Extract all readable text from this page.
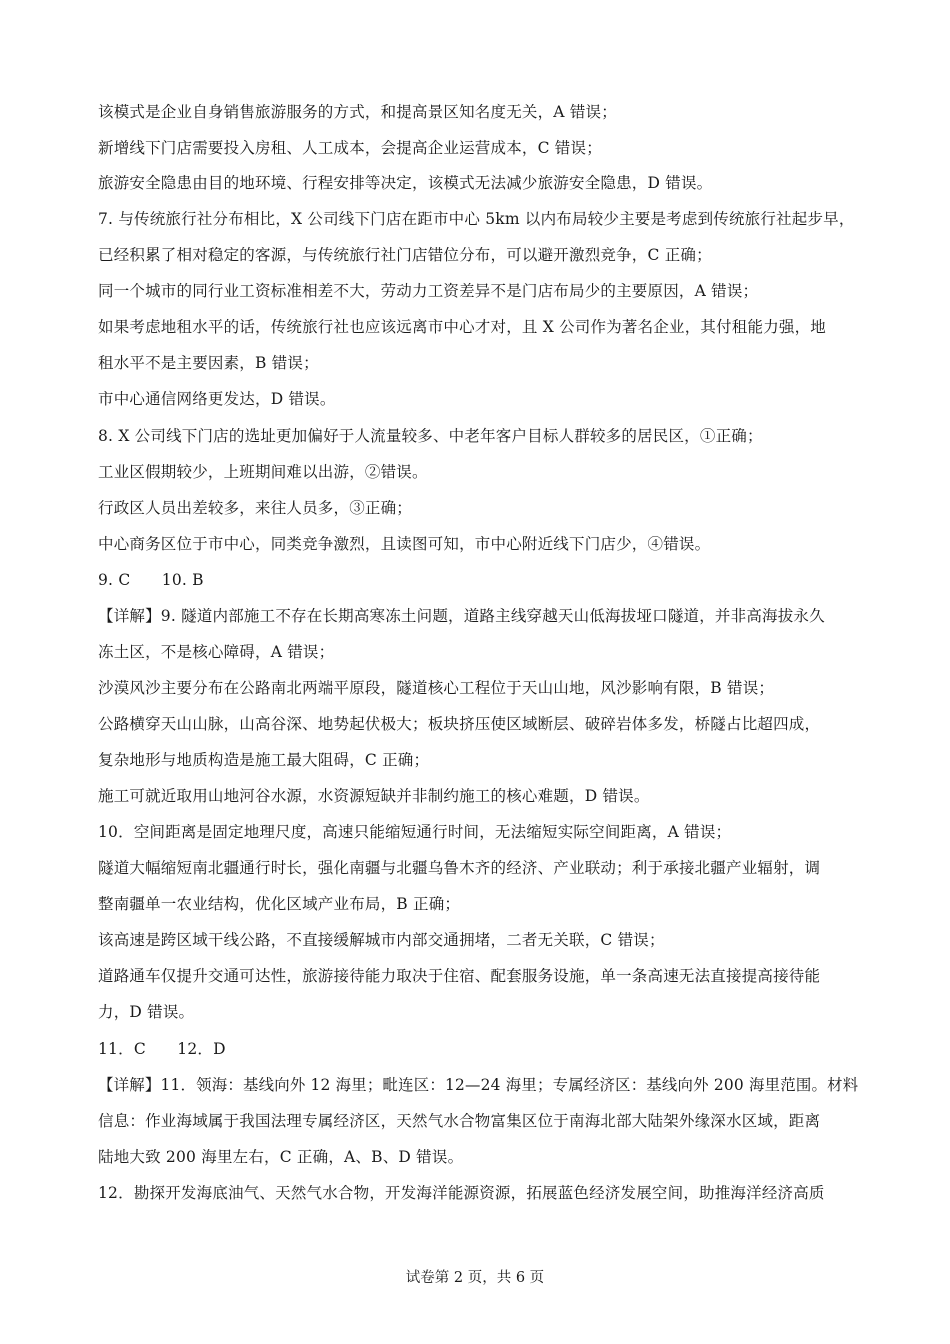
该模式是企业自身销售旅游服务的方式，和提高景区知名度无关，A 错误；
新增线下门店需要投入房租、人工成本，会提高企业运营成本，C 错误；
旅游安全隐患由目的地环境、行程安排等决定，该模式无法减少旅游安全隐患，D 错误。
7. 与传统旅行社分布相比，X 公司线下门店在距市中心 5km 以内布局较少主要是考虑到传统旅行社起步早，
已经积累了相对稳定的客源，与传统旅行社门店错位分布，可以避开激烈竞争，C 正确；
同一个城市的同行业工资标准相差不大，劳动力工资差异不是门店布局少的主要原因，A 错误；
如果考虑地租水平的话，传统旅行社也应该远离市中心才对，且 X 公司作为著名企业，其付租能力强，地
租水平不是主要因素，B 错误；
市中心通信网络更发达，D 错误。
8. X 公司线下门店的选址更加偏好于人流量较多、中老年客户目标人群较多的居民区，①正确；
工业区假期较少，上班期间难以出游，②错误。
行政区人员出差较多，来往人员多，③正确；
中心商务区位于市中心，同类竞争激烈，且读图可知，市中心附近线下门店少，④错误。
9. C　　10. B
【详解】9. 隧道内部施工不存在长期高寒冻土问题，道路主线穿越天山低海拔垭口隧道，并非高海拔永久
冻土区，不是核心障碍，A 错误；
沙漠风沙主要分布在公路南北两端平原段，隧道核心工程位于天山山地，风沙影响有限，B 错误；
公路横穿天山山脉，山高谷深、地势起伏极大；板块挤压使区域断层、破碎岩体多发，桥隧占比超四成，
复杂地形与地质构造是施工最大阻碍，C 正确；
施工可就近取用山地河谷水源，水资源短缺并非制约施工的核心难题，D 错误。
10．空间距离是固定地理尺度，高速只能缩短通行时间，无法缩短实际空间距离，A 错误；
隧道大幅缩短南北疆通行时长，强化南疆与北疆乌鲁木齐的经济、产业联动；利于承接北疆产业辐射，调
整南疆单一农业结构，优化区域产业布局，B 正确；
该高速是跨区域干线公路，不直接缓解城市内部交通拥堵，二者无关联，C 错误；
道路通车仅提升交通可达性，旅游接待能力取决于住宿、配套服务设施，单一条高速无法直接提高接待能
力，D 错误。
11．C　　12．D
【详解】11．领海：基线向外 12 海里；毗连区：12—24 海里；专属经济区：基线向外 200 海里范围。材料
信息：作业海域属于我国法理专属经济区，天然气水合物富集区位于南海北部大陆架外缘深水区域，距离
陆地大致 200 海里左右，C 正确，A、B、D 错误。
12．勘探开发海底油气、天然气水合物，开发海洋能源资源，拓展蓝色经济发展空间，助推海洋经济高质
试卷第 2 页，共 6 页
